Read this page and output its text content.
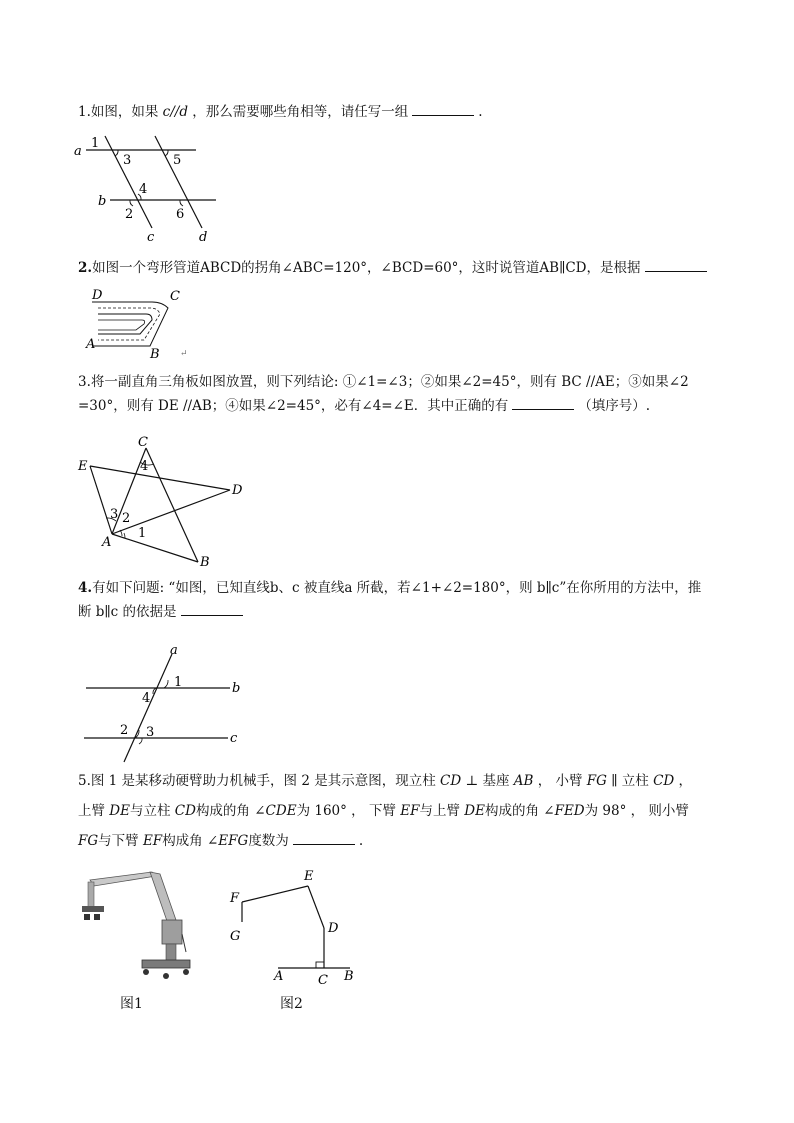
1.如图，如果 c//d ，那么需要哪些角相等，请任写一组	.
a
b
c	d
1
3	5
4
2	6
2.如图一个弯形管道ABCD的拐角∠ABC=120°，∠BCD=60°，这时说管道AB∥CD，是根据
D	C
A
B ↵
3.将一副直角三角板如图放置，则下列结论: ①∠1=∠3；②如果∠2=45°，则有 BC //AE；③如果∠2
=30°，则有 DE //AB；④如果∠2=45°，必有∠4=∠E．其中正确的有	（填序号）.
C
E
D
A
B
4
3 2
1
4.有如下问题: “如图，已知直线b、c 被直线a 所截，若∠1+∠2=180°，则 b∥c”在你所用的方法中，推
断 b∥c 的依据是
a
b
c
1
4
2 3
5.图 1 是某移动硬臂助力机械手，图 2 是其示意图，现立柱 CD ⊥ 基座 AB ， 小臂 FG ∥ 立柱 CD ，
上臂 DE与立柱 CD构成的角 ∠CDE为 160° ， 下臂 EF与上臂 DE构成的角 ∠FED为 98° ， 则小臂
FG与下臂 EF构成角 ∠EFG度数为	.
图1
E
F
G
D
A	C B
图2
